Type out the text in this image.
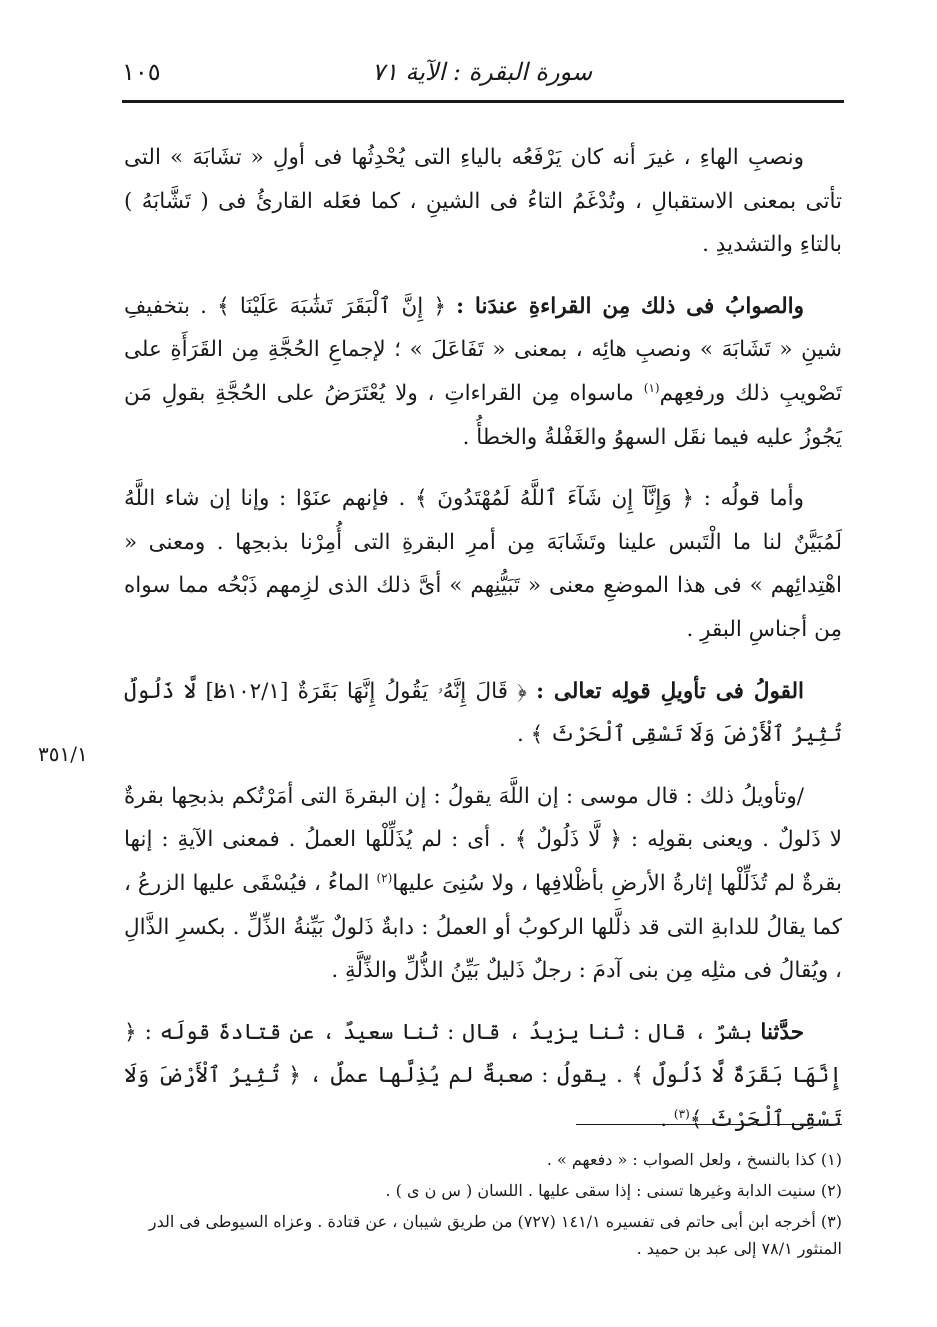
سورة البقرة : الآية ٧١
١٠٥

ونصبِ الهاءِ ، غيرَ أنه كان يَرْفَعُه بالياءِ التى يُحْدِثُها فى أولِ « تشَابَهَ » التى تأتى بمعنى الاستقبالِ ، وتُدْغَمُ التاءُ فى الشينِ ، كما فعَله القارئُ فى ( تَشَّابَهُ ) بالتاءِ والتشديدِ .

والصوابُ فى ذلك مِن القراءةِ عندَنا : ﴿ إِنَّ ٱلْبَقَرَ تَشَٰبَهَ عَلَيْنَا ﴾ . بتخفيفِ شينِ « تَشَابَهَ » ونصبِ هائِه ، بمعنى « تَفَاعَلَ » ؛ لإجماعِ الحُجَّةِ مِن القَرَأَةِ على تَصْويبِ ذلك ورفعِهم$^{(١)}$ ماسواه مِن القراءاتِ ، ولا يُعْتَرَضُ على الحُجَّةِ بقولِ مَن يَجُوزُ عليه فيما نقَل السهوُ والغَفْلةُ والخطأُ .

وأما قولُه : ﴿ وَإِنَّآ إِن شَآءَ ٱللَّهُ لَمُهْتَدُونَ ﴾ . فإنهم عنَوْا : وإنا إن شاء اللَّهُ لَمُبَيَّنٌ لنا ما الْتَبس علينا وتَشَابَهَ مِن أمرِ البقرةِ التى أُمِرْنا بذبحِها . ومعنى « اهْتِدائِهم » فى هذا الموضعِ معنى « تَبَيُّنِهم » أىَّ ذلك الذى لزِمهم ذَبْحُه مما سواه مِن أجناسِ البقرِ .

القولُ فى تأويلِ قولِه تعالى : ﴿ قَالَ إِنَّهُۥ يَقُولُ إِنَّهَا بَقَرَةٌ [١٠٢/١ظ] لَّا ذَلُولٌ تُثِيرُ ٱلْأَرْضَ وَلَا تَسْقِى ٱلْحَرْثَ ﴾ .

/وتأويلُ ذلك : قال موسى : إن اللَّهَ يقولُ : إن البقرةَ التى أمَرْتُكم بذبحِها بقرةٌ لا ذَلولٌ . ويعنى بقولِه : ﴿ لَّا ذَلُولٌ ﴾ . أى : لم يُذَلِّلْها العملُ . فمعنى الآيةِ : إنها بقرةٌ لم تُذَلِّلْها إثارةُ الأرضِ بأظْلافِها ، ولا سُنِىَ عليها$^{(٢)}$ الماءُ ، فيُسْقَى عليها الزرعُ ، كما يقالُ للدابةِ التى قد ذلَّلها الركوبُ أو العملُ : دابةٌ ذَلولٌ بَيِّنةُ الذِّلِّ . بكسرِ الذَّالِ ، ويُقالُ فى مثلِه مِن بنى آدمَ : رجلٌ ذَليلٌ بَيِّنُ الذُّلِّ والذِّلَّةِ .

حدَّثنا بشرٌ ، قال : ثنا يزيدُ ، قال : ثنا سعيدٌ ، عن قتادةَ قولَه : ﴿ إِنَّهَا بَقَرَةٌ لَّا ذَلُولٌ ﴾ . يقولُ : صعبةٌ لم يُذِلَّها عملٌ ، ﴿ تُثِيرُ ٱلْأَرْضَ وَلَا تَسْقِى ٱلْحَرْثَ ﴾$^{(٣)}$ .

٣٥١/١
(١) كذا بالنسخ ، ولعل الصواب : « دفعهم » .
(٢) سنيت الدابة وغيرها تسنى : إذا سقى عليها . اللسان ( س ن ى ) .
(٣) أخرجه ابن أبى حاتم فى تفسيره ١٤١/١ (٧٢٧) من طريق شيبان ، عن قتادة . وعزاه السيوطى فى الدر المنثور ٧٨/١ إلى عبد بن حميد .
